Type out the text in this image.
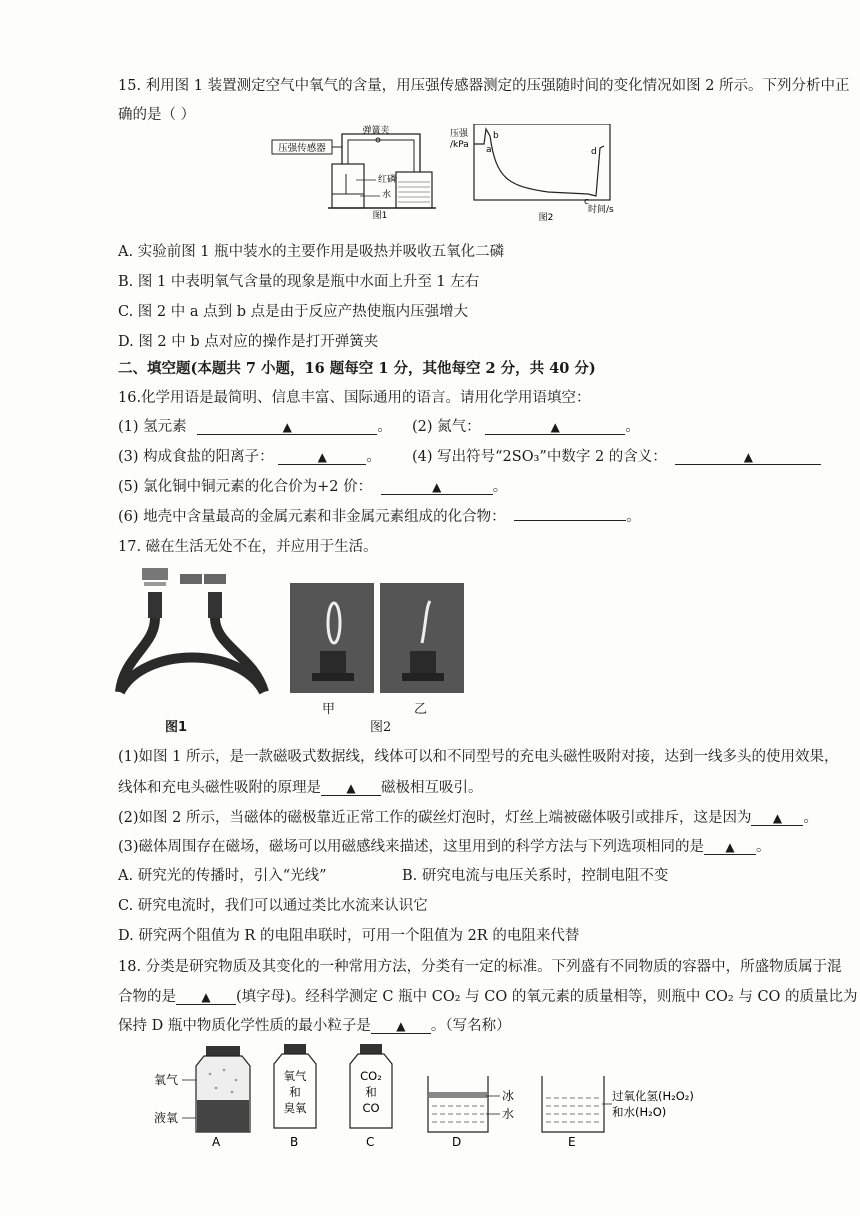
15. 利用图 1 装置测定空气中氧气的含量，用压强传感器测定的压强随时间的变化情况如图 2 所示。下列分析中正
确的是（ ）
压强传感器
弹簧夹
红磷
水
图1
压强
/kPa a
b
c
d
时间/s
图2
A. 实验前图 1 瓶中装水的主要作用是吸热并吸收五氧化二磷
B. 图 1 中表明氧气含量的现象是瓶中水面上升至 1 左右
C. 图 2 中 a 点到 b 点是由于反应产热使瓶内压强增大
D. 图 2 中 b 点对应的操作是打开弹簧夹
二、填空题(本题共 7 小题，16 题每空 1 分，其他每空 2 分，共 40 分)
16.化学用语是最简明、信息丰富、国际通用的语言。请用化学用语填空：
(1) 氢元素	▲	。 (2) 氮气：	▲	。
(3) 构成食盐的阳离子：	▲	。 (4) 写出符号“2SO₃”中数字 2 的含义：	▲
(5) 氯化铜中铜元素的化合价为+2 价：	▲	。
(6) 地壳中含量最高的金属元素和非金属元素组成的化合物：	。
17. 磁在生活无处不在，并应用于生活。
图1
甲	乙
图2
(1)如图 1 所示，是一款磁吸式数据线，线体可以和不同型号的充电头磁性吸附对接，达到一线多头的使用效果，
线体和充电头磁性吸附的原理是 ▲ 磁极相互吸引。
(2)如图 2 所示，当磁体的磁极靠近正常工作的碳丝灯泡时，灯丝上端被磁体吸引或排斥，这是因为 ▲ 。
(3)磁体周围存在磁场，磁场可以用磁感线来描述，这里用到的科学方法与下列选项相同的是 ▲ 。
A. 研究光的传播时，引入“光线”	B. 研究电流与电压关系时，控制电阻不变
C. 研究电流时，我们可以通过类比水流来认识它
D. 研究两个阻值为 R 的电阻串联时，可用一个阻值为 2R 的电阻来代替
18. 分类是研究物质及其变化的一种常用方法，分类有一定的标准。下列盛有不同物质的容器中，所盛物质属于混
合物的是 ▲ (填字母)。经科学测定 C 瓶中 CO₂ 与 CO 的氧元素的质量相等，则瓶中 CO₂ 与 CO 的质量比为
保持 D 瓶中物质化学性质的最小粒子是 ▲ 。（写名称）
氧气
液氧
A
氧气
和
臭氧
B
CO₂
和
CO
C
冰
水
D
过氧化氢(H₂O₂)
和水(H₂O)
E
